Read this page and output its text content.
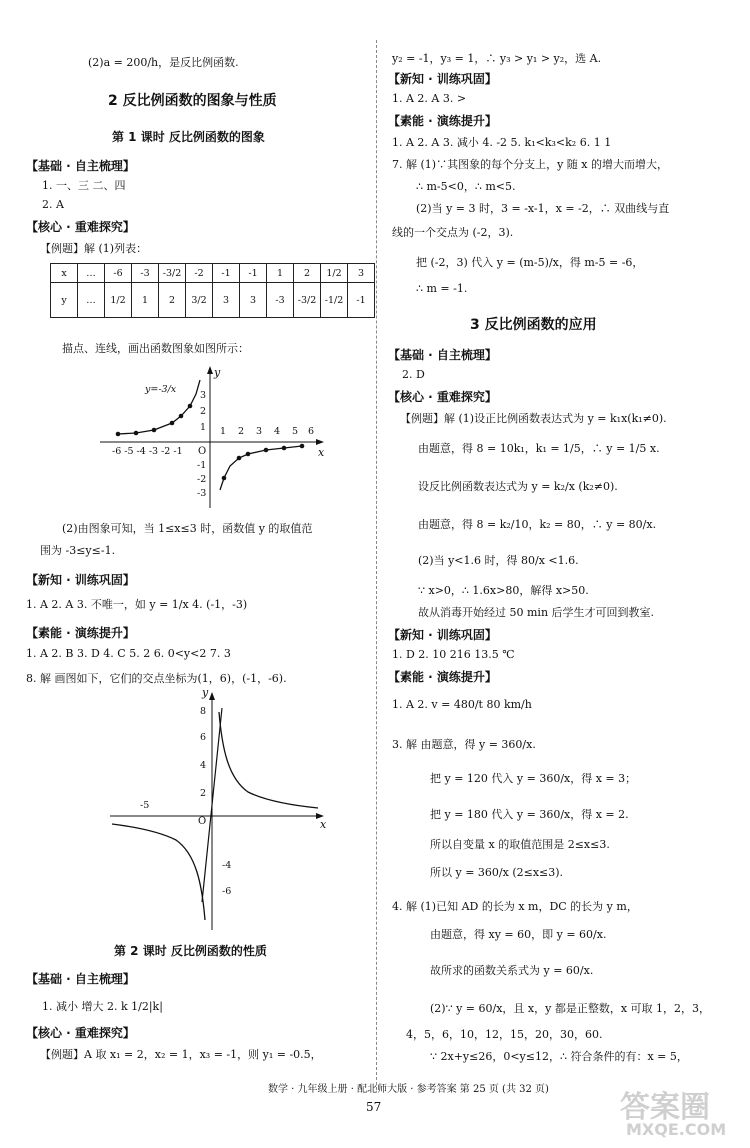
(2)a = 200/h，是反比例函数.
2 反比例函数的图象与性质
第 1 课时 反比例函数的图象
【基础 · 自主梳理】
1. 一、三 二、四
2. A
【核心 · 重难探究】
【例题】解 (1)列表：
x	…	-6	-3	-3/2	-2	-1	-1	1	2	1/2	3
y	…	1/2	1	2	3/2	3	3	-3	-3/2	-1/2	-1
描点、连线，画出函数图象如图所示：
y=-3/x
x
y
O
-6 -5 -4 -3 -2 -1
1 2 3 4 5 6
3
2
1
-1
-2
-3
(2)由图象可知，当 1≤x≤3 时，函数值 y 的取值范
围为 -3≤y≤-1.
【新知 · 训练巩固】
1. A 2. A 3. 不唯一，如 y = 1/x 4. (-1，-3)
【素能 · 演练提升】
1. A 2. B 3. D 4. C 5. 2 6. 0<y<2 7. 3
8. 解 画图如下，它们的交点坐标为(1，6)，(-1，-6).
x
y
O
8
6
4
2
-4
-6
-5
第 2 课时 反比例函数的性质
【基础 · 自主梳理】
1. 减小 增大 2. k 1/2|k|
【核心 · 重难探究】
【例题】A 取 x₁ = 2，x₂ = 1，x₃ = -1，则 y₁ = -0.5，
y₂ = -1，y₃ = 1，∴ y₃ > y₁ > y₂，选 A.
【新知 · 训练巩固】
1. A 2. A 3. >
【素能 · 演练提升】
1. A 2. A 3. 减小 4. -2 5. k₁<k₃<k₂ 6. 1 1
7. 解 (1)∵其图象的每个分支上，y 随 x 的增大而增大，
∴ m-5<0，∴ m<5.
(2)当 y = 3 时，3 = -x-1，x = -2，∴ 双曲线与直
线的一个交点为 (-2，3).
把 (-2，3) 代入 y = (m-5)/x，得 m-5 = -6，
∴ m = -1.
3 反比例函数的应用
【基础 · 自主梳理】
2. D
【核心 · 重难探究】
【例题】解 (1)设正比例函数表达式为 y = k₁x(k₁≠0).
由题意，得 8 = 10k₁，k₁ = 1/5，∴ y = 1/5 x.
设反比例函数表达式为 y = k₂/x (k₂≠0).
由题意，得 8 = k₂/10，k₂ = 80，∴ y = 80/x.
(2)当 y<1.6 时，得 80/x <1.6.
∵ x>0，∴ 1.6x>80，解得 x>50.
故从消毒开始经过 50 min 后学生才可回到教室.
【新知 · 训练巩固】
1. D 2. 10 216 13.5 ℃
【素能 · 演练提升】
1. A 2. v = 480/t 80 km/h
3. 解 由题意，得 y = 360/x.
把 y = 120 代入 y = 360/x，得 x = 3；
把 y = 180 代入 y = 360/x，得 x = 2.
所以自变量 x 的取值范围是 2≤x≤3.
所以 y = 360/x (2≤x≤3).
4. 解 (1)已知 AD 的长为 x m，DC 的长为 y m，
由题意，得 xy = 60，即 y = 60/x.
故所求的函数关系式为 y = 60/x.
(2)∵ y = 60/x，且 x，y 都是正整数，x 可取 1，2，3，
4，5，6，10，12，15，20，30，60.
∵ 2x+y≤26，0<y≤12，∴ 符合条件的有：x = 5，
数学 · 九年级上册 · 配北师大版 · 参考答案 第 25 页 (共 32 页)
57	答案圈
MXQE.COM
